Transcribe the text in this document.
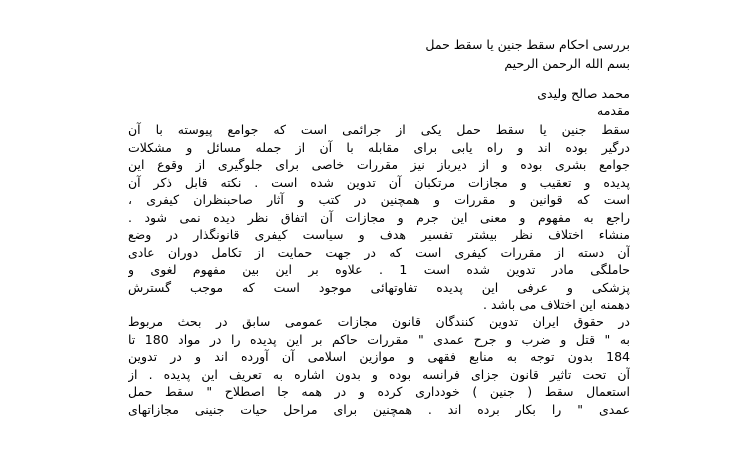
بررسی احکام سقط جنین یا سقط حمل

بسم الله الرحمن الرحیم

محمد صالح ولیدی

مقدمه

سقط جنین یا سقط حمل یکی از جرائمی است که جوامع پیوسته با آن

درگیر بوده اند و راه یابی برای مقابله با آن از جمله مسائل و مشکلات

جوامع بشری بوده و از دیرباز نیز مقررات خاصی برای جلوگیری از وقوع این

پدیده و تعقیب و مجازات مرتکبان آن تدوین شده است . نکته قابل ذکر آن

است که قوانین و مقررات و همچنین در کتب و آثار صاحبنظران کیفری ،

راجع به مفهوم و معنی این جرم و مجازات آن اتفاق نظر دیده نمی شود .

منشاء اختلاف نظر بیشتر تفسیر هدف و سیاست کیفری قانونگذار در وضع

آن دسته از مقررات کیفری است که در جهت حمایت از تکامل دوران عادی

حاملگی مادر تدوین شده است 1 . علاوه بر این بین مفهوم لغوی و

پزشکی و عرفی این پدیده تفاوتهائی موجود است که موجب گسترش

دهمنه این اختلاف می باشد .

در حقوق ایران تدوین کنندگان قانون مجازات عمومی سابق در بحث مربوط

به " قتل و ضرب و جرح عمدی " مقررات حاکم بر این پدیده را در مواد 180 تا

184 بدون توجه به منابع فقهی و موازین اسلامی آن آورده اند و در تدوین

آن تحت تاثیر قانون جزای فرانسه بوده و بدون اشاره به تعریف این پدیده . از

استعمال سقط ( جنین ) خودداری کرده و در همه جا اصطلاح " سقط حمل

عمدی " را بکار برده اند . همچنین برای مراحل حیات جنینی مجازاتهای
